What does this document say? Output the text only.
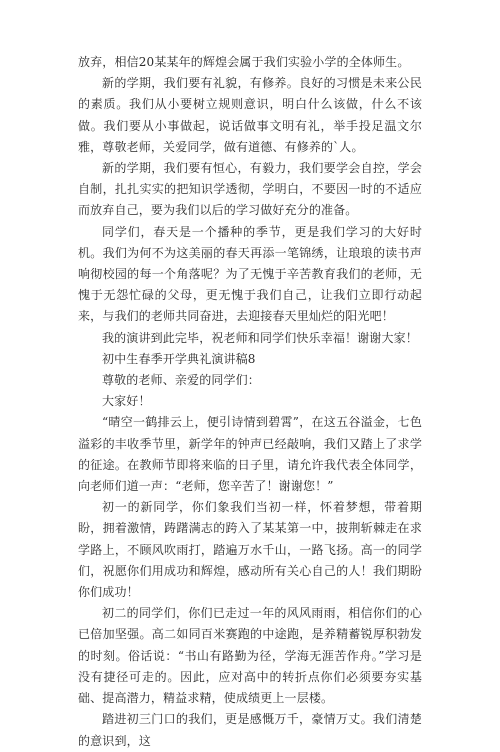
放弃，相信20某某年的辉煌会属于我们实验小学的全体师生。

新的学期，我们要有礼貌，有修养。良好的习惯是未来公民的素质。我们从小要树立规则意识，明白什么该做，什么不该做。我们要从小事做起，说话做事文明有礼，举手投足温文尔雅，尊敬老师，关爱同学，做有道德、有修养的`人。

新的学期，我们要有恒心，有毅力，我们要学会自控，学会自制，扎扎实实的把知识学透彻，学明白，不要因一时的不适应而放弃自己，要为我们以后的学习做好充分的准备。

同学们，春天是一个播种的季节，更是我们学习的大好时机。我们为何不为这美丽的春天再添一笔锦绣，让琅琅的读书声响彻校园的每一个角落呢？为了无愧于辛苦教育我们的老师，无愧于无怨忙碌的父母，更无愧于我们自己，让我们立即行动起来，与我们的老师共同奋进，去迎接春天里灿烂的阳光吧！

我的演讲到此完毕，祝老师和同学们快乐幸福！谢谢大家！

初中生春季开学典礼演讲稿8

尊敬的老师、亲爱的同学们：

大家好！

“晴空一鹤排云上，便引诗情到碧霄”，在这五谷溢金，七色溢彩的丰收季节里，新学年的钟声已经敲响，我们又踏上了求学的征途。在教师节即将来临的日子里，请允许我代表全体同学，向老师们道一声：“老师，您辛苦了！谢谢您！”

初一的新同学，你们象我们当初一样，怀着梦想，带着期盼，拥着激情，踌躇满志的跨入了某某第一中，披荆斩棘走在求学路上，不顾风吹雨打，踏遍万水千山，一路飞扬。高一的同学们，祝愿你们用成功和辉煌，感动所有关心自己的人！我们期盼你们成功！

初二的同学们，你们已走过一年的风风雨雨，相信你们的心已倍加坚强。高二如同百米赛跑的中途跑，是养精蓄锐厚积勃发的时刻。俗话说：“书山有路勤为径，学海无涯苦作舟。”学习是没有捷径可走的。因此，应对高中的转折点你们必须要夯实基础、提高潜力，精益求精，使成绩更上一层楼。

踏进初三门口的我们，更是感慨万千，豪情万丈。我们清楚的意识到，这
